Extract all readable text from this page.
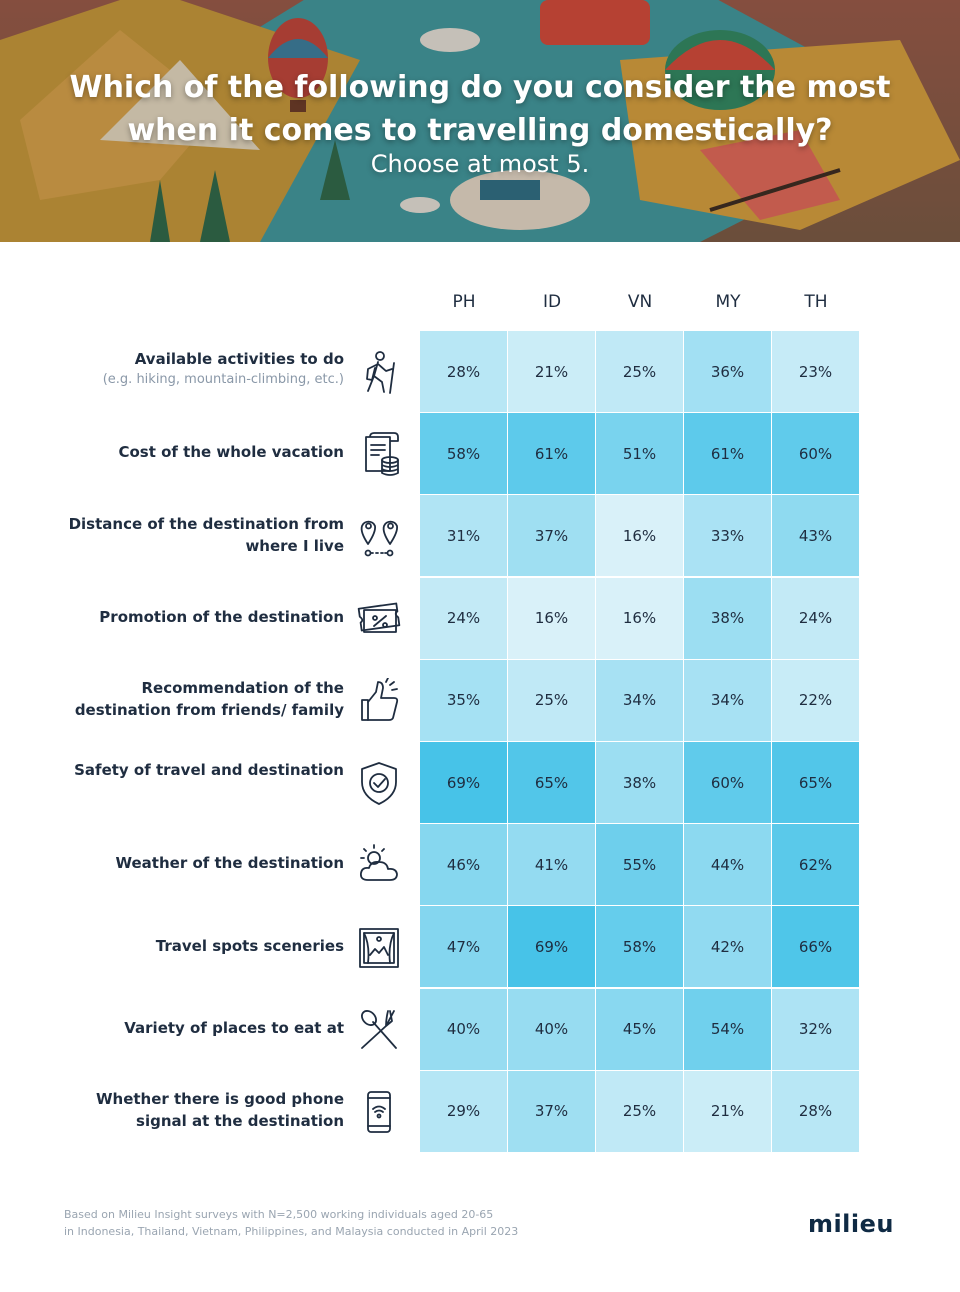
Which of the following do you consider the most
when it comes to travelling domestically?
Choose at most 5.
PH	ID	VN	MY	TH
Available activities to do
(e.g. hiking, mountain-climbing, etc.)	28%	21%	25%	36%	23%
Cost of the whole vacation	58%	61%	51%	61%	60%
Distance of the destination from where I live
31%	37%	16%	33%	43%
Promotion of the destination	24%	16%	16%	38%	24%
Recommendation of the destination from friends/ family
35%	25%	34%	34%	22%
Safety of travel and destination
69%	65%	38%	60%	65%
Weather of the destination	46%	41%	55%	44%	62%
Travel spots sceneries	47%	69%	58%	42%	66%
Variety of places to eat at	40%	40%	45%	54%	32%
Whether there is good phone signal at the destination
29%	37%	25%	21%	28%
Based on Milieu Insight surveys with N=2,500 working individuals aged 20-65
in Indonesia, Thailand, Vietnam, Philippines, and Malaysia conducted in April 2023	milieu
